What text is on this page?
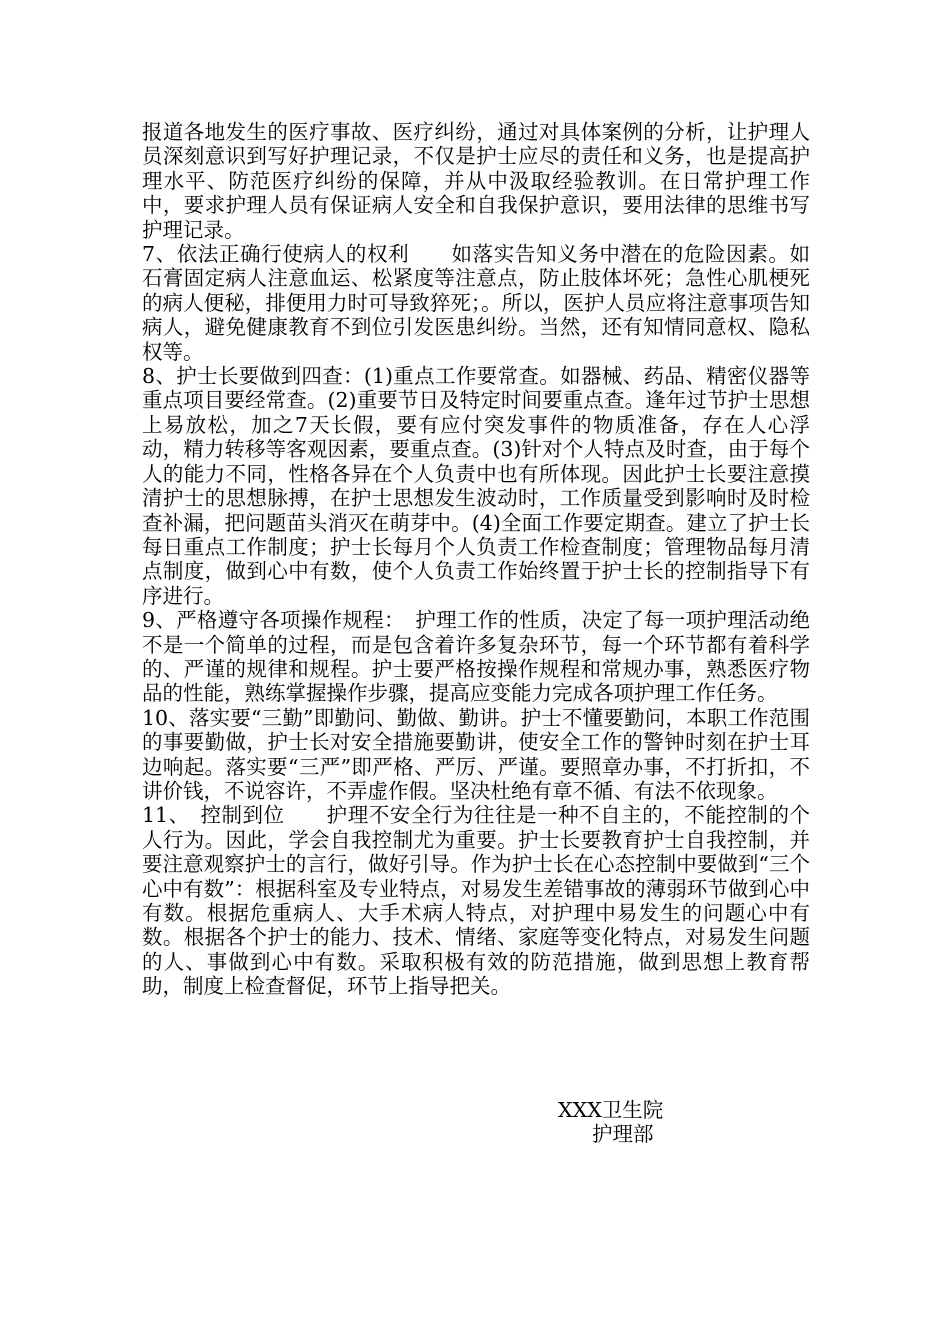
报道各地发生的医疗事故、医疗纠纷，通过对具体案例的分析，让护理人员深刻意识到写好护理记录，不仅是护士应尽的责任和义务，也是提高护理水平、防范医疗纠纷的保障，并从中汲取经验教训。在日常护理工作中，要求护理人员有保证病人安全和自我保护意识，要用法律的思维书写护理记录。

7、依法正确行使病人的权利　　如落实告知义务中潜在的危险因素。如石膏固定病人注意血运、松紧度等注意点，防止肢体坏死；急性心肌梗死的病人便秘，排便用力时可导致猝死；。所以，医护人员应将注意事项告知病人，避免健康教育不到位引发医患纠纷。当然，还有知情同意权、隐私权等。

8、护士长要做到四查：(1)重点工作要常查。如器械、药品、精密仪器等重点项目要经常查。(2)重要节日及特定时间要重点查。逢年过节护士思想上易放松，加之7天长假，要有应付突发事件的物质准备，存在人心浮动，精力转移等客观因素，要重点查。(3)针对个人特点及时查，由于每个人的能力不同，性格各异在个人负责中也有所体现。因此护士长要注意摸清护士的思想脉搏，在护士思想发生波动时，工作质量受到影响时及时检查补漏，把问题苗头消灭在萌芽中。(4)全面工作要定期查。建立了护士长每日重点工作制度；护士长每月个人负责工作检查制度；管理物品每月清点制度，做到心中有数，使个人负责工作始终置于护士长的控制指导下有序进行。

9、严格遵守各项操作规程：　护理工作的性质，决定了每一项护理活动绝不是一个简单的过程，而是包含着许多复杂环节，每一个环节都有着科学的、严谨的规律和规程。护士要严格按操作规程和常规办事，熟悉医疗物品的性能，熟练掌握操作步骤，提高应变能力完成各项护理工作任务。

10、落实要“三勤”即勤问、勤做、勤讲。护士不懂要勤问，本职工作范围的事要勤做，护士长对安全措施要勤讲，使安全工作的警钟时刻在护士耳边响起。落实要“三严”即严格、严厉、严谨。要照章办事，不打折扣，不讲价钱，不说容许，不弄虚作假。坚决杜绝有章不循、有法不依现象。

11、　控制到位　　护理不安全行为往往是一种不自主的，不能控制的个人行为。因此，学会自我控制尤为重要。护士长要教育护士自我控制，并要注意观察护士的言行，做好引导。作为护士长在心态控制中要做到“三个心中有数”：根据科室及专业特点，对易发生差错事故的薄弱环节做到心中有数。根据危重病人、大手术病人特点，对护理中易发生的问题心中有数。根据各个护士的能力、技术、情绪、家庭等变化特点，对易发生问题的人、事做到心中有数。采取积极有效的防范措施，做到思想上教育帮助，制度上检查督促，环节上指导把关。

XXX卫生院
护理部
